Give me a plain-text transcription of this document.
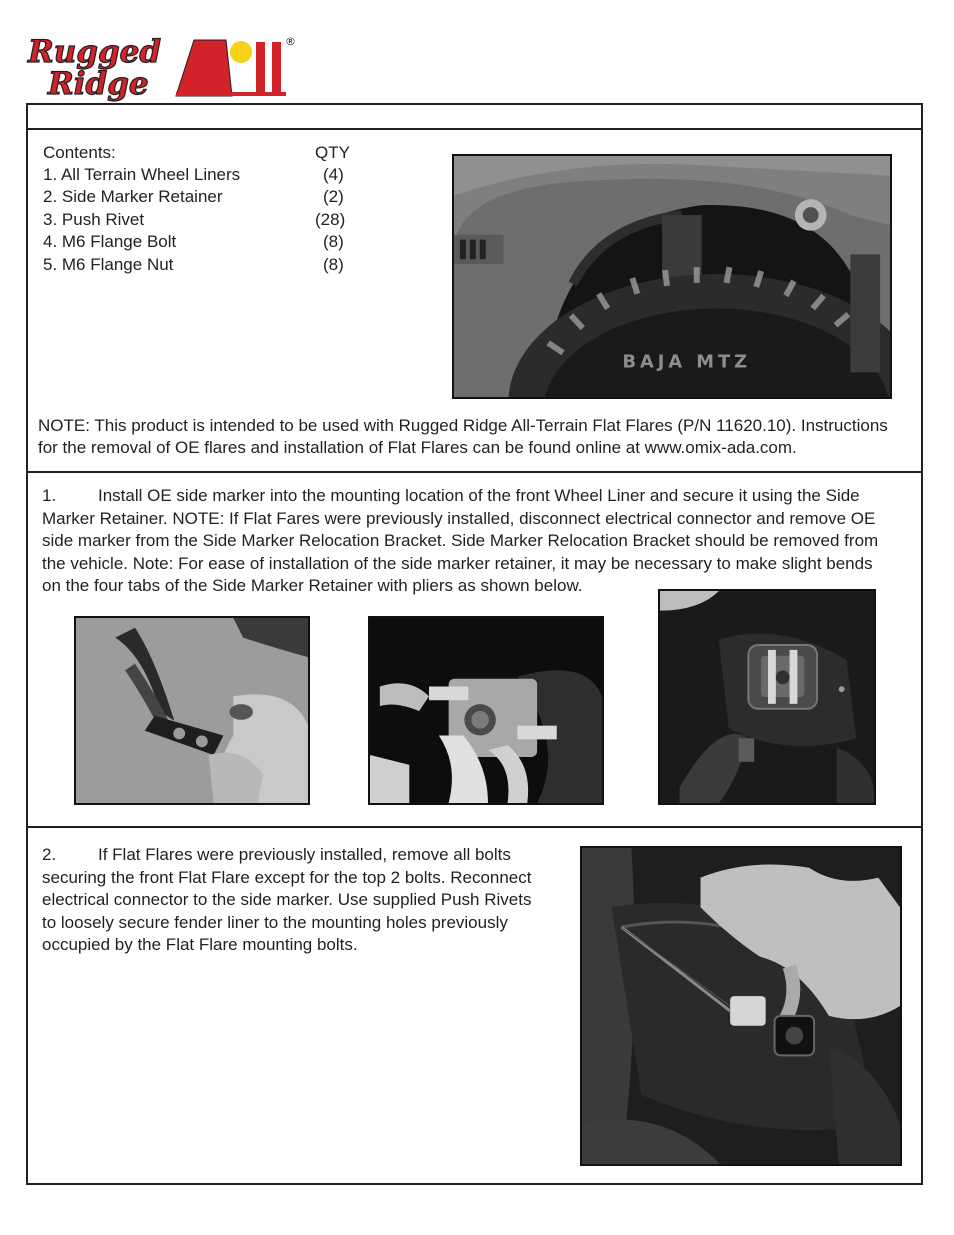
Rugged
Ridge
®
Contents:	QTY
1. All Terrain Wheel Liners	(4)
2. Side Marker Retainer	(2)
3. Push Rivet	(28)
4. M6 Flange Bolt	(8)
5. M6 Flange Nut	(8)
BAJA MTZ
NOTE: This product is intended to be used with Rugged Ridge All-Terrain Flat Flares (P/N 11620.10). Instructions
for the removal of OE flares and installation of Flat Flares can be found online at www.omix-ada.com.
1. Install OE side marker into the mounting location of the front Wheel Liner and secure it using the Side
Marker Retainer. NOTE: If Flat Fares were previously installed, disconnect electrical connector and remove OE
side marker from the Side Marker Relocation Bracket. Side Marker Relocation Bracket should be removed from
the vehicle. Note: For ease of installation of the side marker retainer, it may be necessary to make slight bends
on the four tabs of the Side Marker Retainer with pliers as shown below.
2. If Flat Flares were previously installed, remove all bolts
securing the front Flat Flare except for the top 2 bolts. Reconnect
electrical connector to the side marker. Use supplied Push Rivets
to loosely secure fender liner to the mounting holes previously
occupied by the Flat Flare mounting bolts.
